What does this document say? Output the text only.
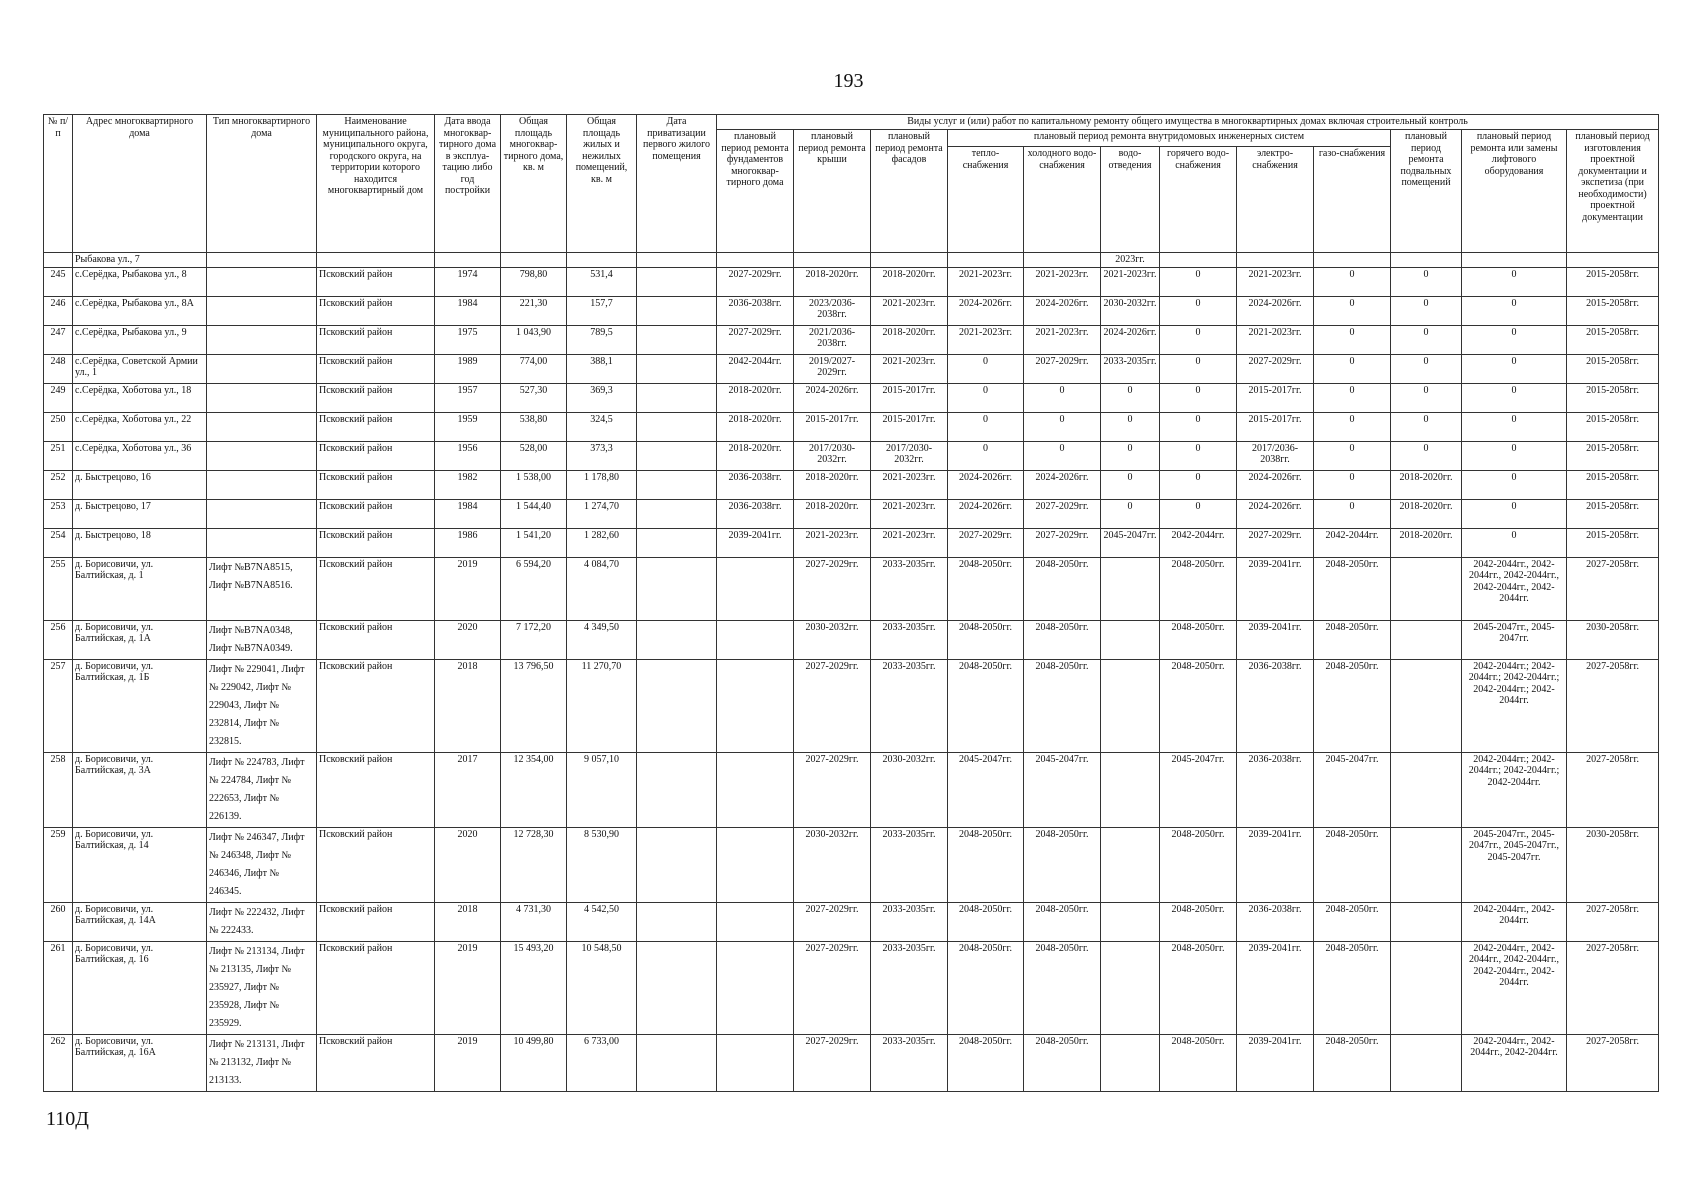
193
№ п/п	Адрес многоквартирного дома	Тип многоквартирного дома	Наименование муниципального района, муниципального округа, городского округа, на территории которого находится многоквартирный дом	Дата ввода многоквар-тирного дома в эксплуа-тацию либо год постройки	Общая площадь многоквар-тирного дома, кв. м	Общая площадь жилых и нежилых помещений, кв. м	Дата приватизации первого жилого помещения	Виды услуг и (или) работ по капитальному ремонту общего имущества в многоквартирных домах включая строительный контроль											
								плановый период ремонта фундаментов многоквар-тирного дома	плановый период ремонта крыши	плановый период ремонта фасадов	плановый период ремонта внутридомовых инженерных систем						плановый период ремонта подвальных помещений	плановый период ремонта или замены лифтового оборудования	плановый период изготовления проектной документации и экспетиза (при необходимости) проектной документации
											тепло-снабжения	холодного водо-снабжения	водо-отведения	горячего водо-снабжения	электро-снабжения	газо-снабжения			
	Рыбакова ул., 7												2023гг.						
245	с.Серёдка, Рыбакова ул., 8		Псковский район	1974	798,80	531,4		2027-2029гг.	2018-2020гг.	2018-2020гг.	2021-2023гг.	2021-2023гг.	2021-2023гг.	0	2021-2023гг.	0	0	0	2015-2058гг.
246	с.Серёдка, Рыбакова ул., 8А		Псковский район	1984	221,30	157,7		2036-2038гг.	2023/2036-2038гг.	2021-2023гг.	2024-2026гг.	2024-2026гг.	2030-2032гг.	0	2024-2026гг.	0	0	0	2015-2058гг.
247	с.Серёдка, Рыбакова ул., 9		Псковский район	1975	1 043,90	789,5		2027-2029гг.	2021/2036-2038гг.	2018-2020гг.	2021-2023гг.	2021-2023гг.	2024-2026гг.	0	2021-2023гг.	0	0	0	2015-2058гг.
248	с.Серёдка, Советской Армии ул., 1		Псковский район	1989	774,00	388,1		2042-2044гг.	2019/2027-2029гг.	2021-2023гг.	0	2027-2029гг.	2033-2035гг.	0	2027-2029гг.	0	0	0	2015-2058гг.
249	с.Серёдка, Хоботова ул., 18		Псковский район	1957	527,30	369,3		2018-2020гг.	2024-2026гг.	2015-2017гг.	0	0	0	0	2015-2017гг.	0	0	0	2015-2058гг.
250	с.Серёдка, Хоботова ул., 22		Псковский район	1959	538,80	324,5		2018-2020гг.	2015-2017гг.	2015-2017гг.	0	0	0	0	2015-2017гг.	0	0	0	2015-2058гг.
251	с.Серёдка, Хоботова ул., 36		Псковский район	1956	528,00	373,3		2018-2020гг.	2017/2030-2032гг.	2017/2030-2032гг.	0	0	0	0	2017/2036-2038гг.	0	0	0	2015-2058гг.
252	д. Быстрецово, 16		Псковский район	1982	1 538,00	1 178,80		2036-2038гг.	2018-2020гг.	2021-2023гг.	2024-2026гг.	2024-2026гг.	0	0	2024-2026гг.	0	2018-2020гг.	0	2015-2058гг.
253	д. Быстрецово, 17		Псковский район	1984	1 544,40	1 274,70		2036-2038гг.	2018-2020гг.	2021-2023гг.	2024-2026гг.	2027-2029гг.	0	0	2024-2026гг.	0	2018-2020гг.	0	2015-2058гг.
254	д. Быстрецово, 18		Псковский район	1986	1 541,20	1 282,60		2039-2041гг.	2021-2023гг.	2021-2023гг.	2027-2029гг.	2027-2029гг.	2045-2047гг.	2042-2044гг.	2027-2029гг.	2042-2044гг.	2018-2020гг.	0	2015-2058гг.
255	д. Борисовичи, ул. Балтийская, д. 1	Лифт №B7NA8515, Лифт №B7NA8516.	Псковский район	2019	6 594,20	4 084,70			2027-2029гг.	2033-2035гг.	2048-2050гг.	2048-2050гг.		2048-2050гг.	2039-2041гг.	2048-2050гг.		2042-2044гг., 2042-2044гг., 2042-2044гг., 2042-2044гг., 2042-2044гг.	2027-2058гг.
256	д. Борисовичи, ул. Балтийская, д. 1А	Лифт №B7NA0348, Лифт №B7NA0349.	Псковский район	2020	7 172,20	4 349,50			2030-2032гг.	2033-2035гг.	2048-2050гг.	2048-2050гг.		2048-2050гг.	2039-2041гг.	2048-2050гг.		2045-2047гг., 2045-2047гг.	2030-2058гг.
257	д. Борисовичи, ул. Балтийская, д. 1Б	Лифт № 229041, Лифт № 229042, Лифт № 229043, Лифт № 232814, Лифт № 232815.	Псковский район	2018	13 796,50	11 270,70			2027-2029гг.	2033-2035гг.	2048-2050гг.	2048-2050гг.		2048-2050гг.	2036-2038гг.	2048-2050гг.		2042-2044гг.; 2042-2044гг.; 2042-2044гг.; 2042-2044гг.; 2042-2044гг.	2027-2058гг.
258	д. Борисовичи, ул. Балтийская, д. 3А	Лифт № 224783, Лифт № 224784, Лифт № 222653, Лифт № 226139.	Псковский район	2017	12 354,00	9 057,10			2027-2029гг.	2030-2032гг.	2045-2047гг.	2045-2047гг.		2045-2047гг.	2036-2038гг.	2045-2047гг.		2042-2044гг.; 2042-2044гг.; 2042-2044гг.; 2042-2044гг.	2027-2058гг.
259	д. Борисовичи, ул. Балтийская, д. 14	Лифт № 246347, Лифт № 246348, Лифт № 246346, Лифт № 246345.	Псковский район	2020	12 728,30	8 530,90			2030-2032гг.	2033-2035гг.	2048-2050гг.	2048-2050гг.		2048-2050гг.	2039-2041гг.	2048-2050гг.		2045-2047гг., 2045-2047гг., 2045-2047гг., 2045-2047гг.	2030-2058гг.
260	д. Борисовичи, ул. Балтийская, д. 14А	Лифт № 222432, Лифт № 222433.	Псковский район	2018	4 731,30	4 542,50			2027-2029гг.	2033-2035гг.	2048-2050гг.	2048-2050гг.		2048-2050гг.	2036-2038гг.	2048-2050гг.		2042-2044гг., 2042-2044гг.	2027-2058гг.
261	д. Борисовичи, ул. Балтийская, д. 16	Лифт № 213134, Лифт № 213135, Лифт № 235927, Лифт № 235928, Лифт № 235929.	Псковский район	2019	15 493,20	10 548,50			2027-2029гг.	2033-2035гг.	2048-2050гг.	2048-2050гг.		2048-2050гг.	2039-2041гг.	2048-2050гг.		2042-2044гг., 2042-2044гг., 2042-2044гг., 2042-2044гг., 2042-2044гг.	2027-2058гг.
262	д. Борисовичи, ул. Балтийская, д. 16А	Лифт № 213131, Лифт № 213132, Лифт № 213133.	Псковский район	2019	10 499,80	6 733,00			2027-2029гг.	2033-2035гг.	2048-2050гг.	2048-2050гг.		2048-2050гг.	2039-2041гг.	2048-2050гг.		2042-2044гг., 2042-2044гг., 2042-2044гг.	2027-2058гг.
110Д
